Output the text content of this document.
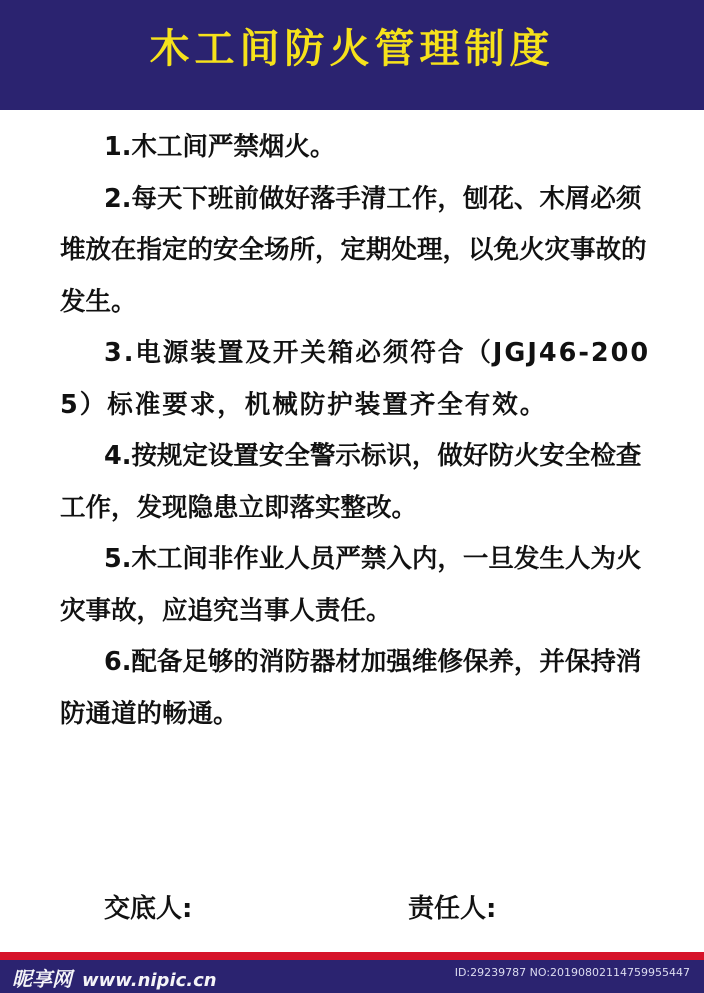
木工间防火管理制度

1.木工间严禁烟火。

2.每天下班前做好落手清工作，刨花、木屑必须堆放在指定的安全场所，定期处理，以免火灾事故的发生。

3.电源装置及开关箱必须符合（JGJ46-2005）标准要求，机械防护装置齐全有效。

4.按规定设置安全警示标识，做好防火安全检查工作，发现隐患立即落实整改。

5.木工间非作业人员严禁入内，一旦发生人为火灾事故，应追究当事人责任。

6.配备足够的消防器材加强维修保养，并保持消防通道的畅通。

交底人:	责任人:
昵享网 www.nipic.cn	ID:29239787 NO:20190802114759955447
